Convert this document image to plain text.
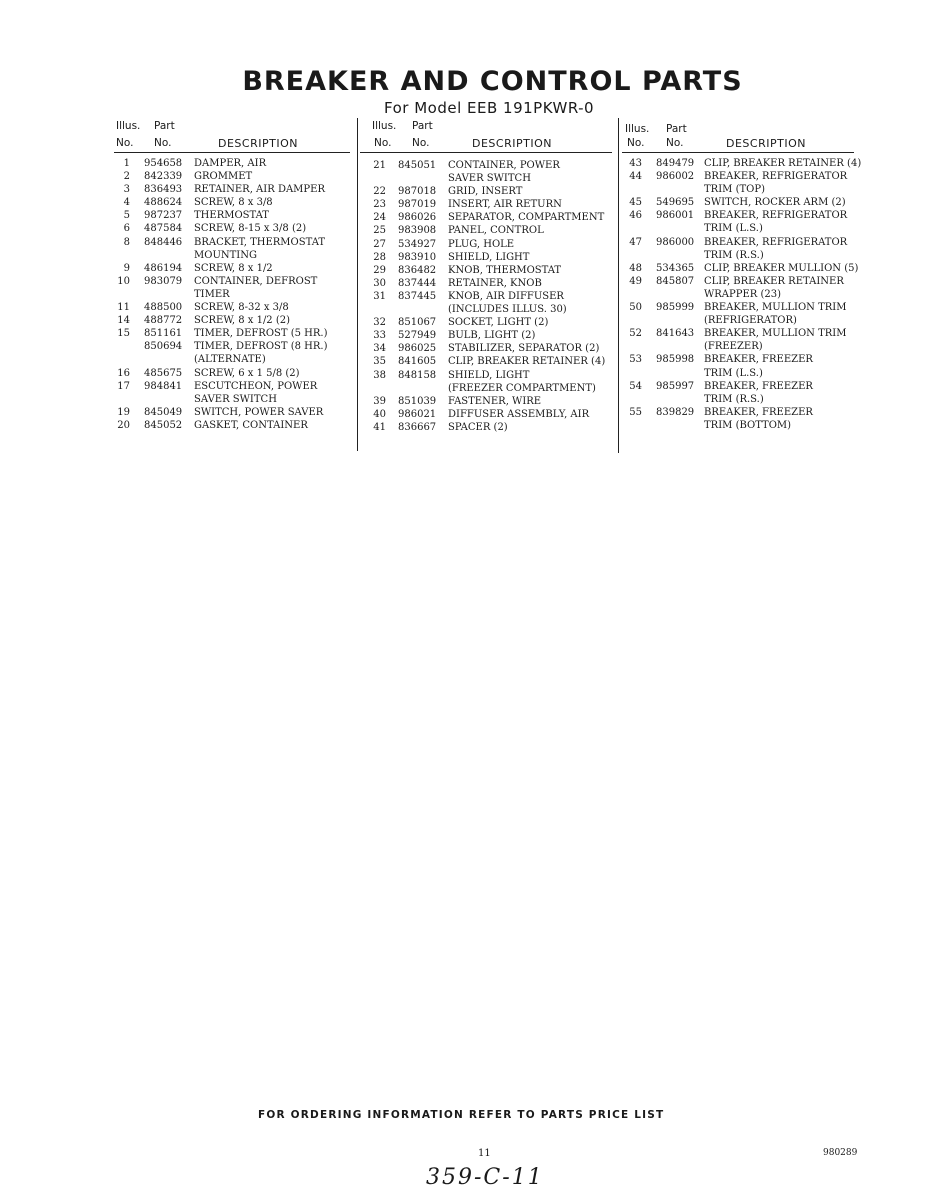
BREAKER AND CONTROL PARTS
For Model EEB 191PKWR-0
Illus. Part
No. No.	DESCRIPTION
1 954658 DAMPER, AIR
2 842339 GROMMET
3 836493 RETAINER, AIR DAMPER
4 488624 SCREW, 8 x 3/8
5 987237 THERMOSTAT
6 487584 SCREW, 8-15 x 3/8 (2)
8 848446 BRACKET, THERMOSTAT
MOUNTING
9 486194 SCREW, 8 x 1/2
10 983079 CONTAINER, DEFROST
TIMER
11 488500 SCREW, 8-32 x 3/8
14 488772 SCREW, 8 x 1/2 (2)
15 851161 TIMER, DEFROST (5 HR.)
850694 TIMER, DEFROST (8 HR.)
(ALTERNATE)
16 485675 SCREW, 6 x 1 5/8 (2)
17 984841 ESCUTCHEON, POWER
SAVER SWITCH
19 845049 SWITCH, POWER SAVER
20 845052 GASKET, CONTAINER
Illus. Part
No. No.	DESCRIPTION
21 845051 CONTAINER, POWER
SAVER SWITCH
22 987018 GRID, INSERT
23 987019 INSERT, AIR RETURN
24 986026 SEPARATOR, COMPARTMENT
25 983908 PANEL, CONTROL
27 534927 PLUG, HOLE
28 983910 SHIELD, LIGHT
29 836482 KNOB, THERMOSTAT
30 837444 RETAINER, KNOB
31 837445 KNOB, AIR DIFFUSER
(INCLUDES ILLUS. 30)
32 851067 SOCKET, LIGHT (2)
33 527949 BULB, LIGHT (2)
34 986025 STABILIZER, SEPARATOR (2)
35 841605 CLIP, BREAKER RETAINER (4)
38 848158 SHIELD, LIGHT
(FREEZER COMPARTMENT)
39 851039 FASTENER, WIRE
40 986021 DIFFUSER ASSEMBLY, AIR
41 836667 SPACER (2)
Illus. Part
No. No.	DESCRIPTION
43 849479 CLIP, BREAKER RETAINER (4)
44 986002 BREAKER, REFRIGERATOR
TRIM (TOP)
45 549695 SWITCH, ROCKER ARM (2)
46 986001 BREAKER, REFRIGERATOR
TRIM (L.S.)
47 986000 BREAKER, REFRIGERATOR
TRIM (R.S.)
48 534365 CLIP, BREAKER MULLION (5)
49 845807 CLIP, BREAKER RETAINER
WRAPPER (23)
50 985999 BREAKER, MULLION TRIM
(REFRIGERATOR)
52 841643 BREAKER, MULLION TRIM
(FREEZER)
53 985998 BREAKER, FREEZER
TRIM (L.S.)
54 985997 BREAKER, FREEZER
TRIM (R.S.)
55 839829 BREAKER, FREEZER
TRIM (BOTTOM)
FOR ORDERING INFORMATION REFER TO PARTS PRICE LIST
11	980289
359-C-11
